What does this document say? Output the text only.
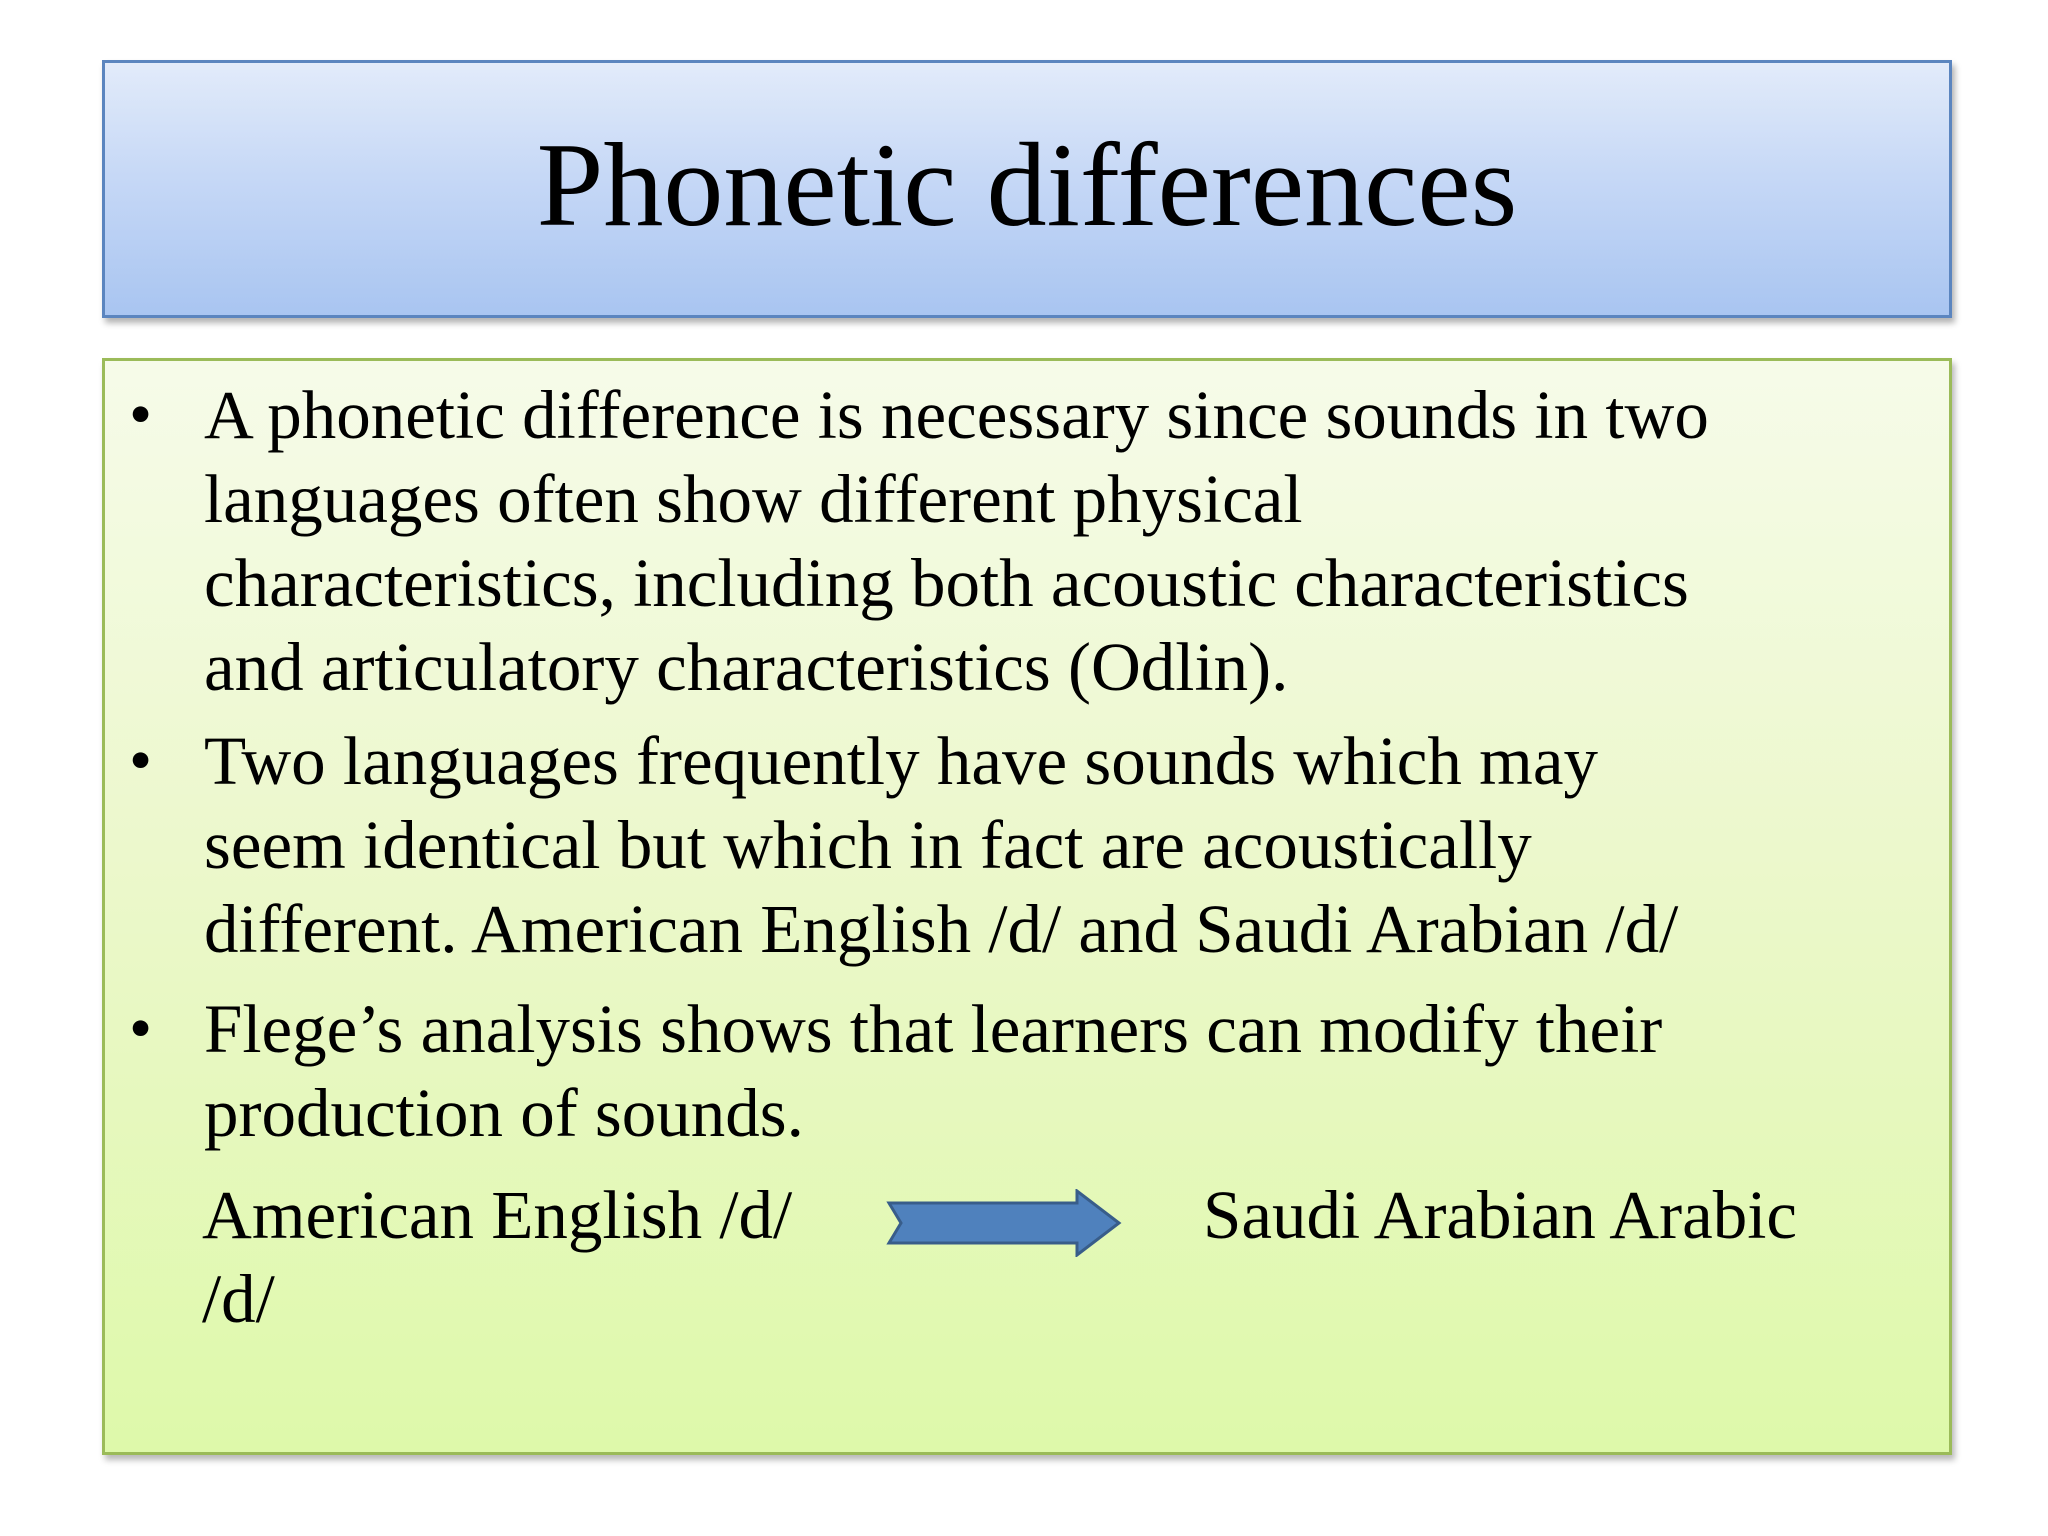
Phonetic differences
• A phonetic difference is necessary since sounds in two
languages often show different physical
characteristics, including both acoustic characteristics
and articulatory characteristics (Odlin).
• Two languages frequently have sounds which may
seem identical but which in fact are acoustically
different. American English /d/ and Saudi Arabian /d/
• Flege’s analysis shows that learners can modify their
production of sounds.
American English /d/	Saudi Arabian Arabic
/d/
